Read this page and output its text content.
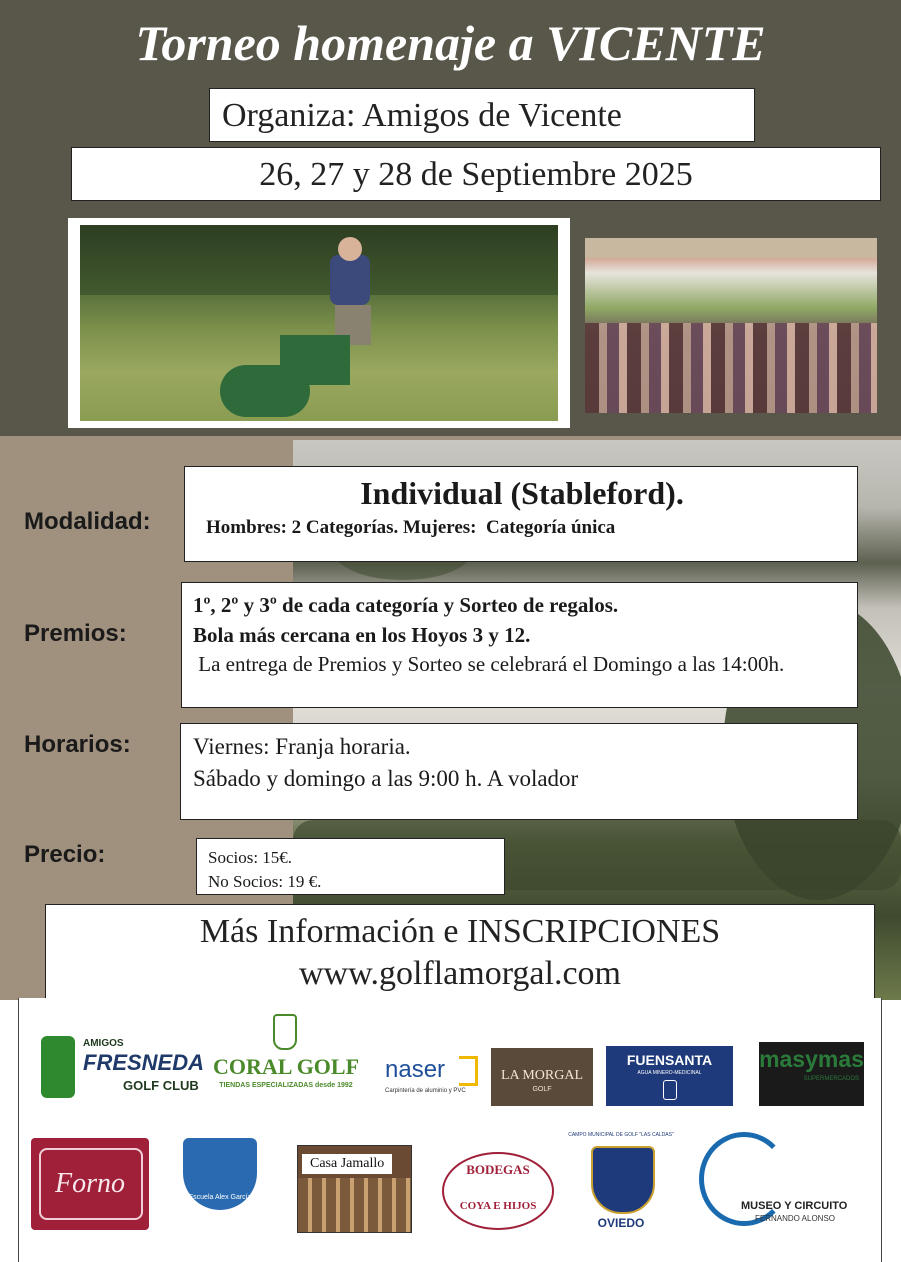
Torneo homenaje a VICENTE
Organiza: Amigos de Vicente
26, 27 y 28 de Septiembre 2025
Modalidad:
Individual (Stableford).
Hombres: 2 Categorías. Mujeres:  Categoría única
Premios:
1º, 2º y 3º de cada categoría y Sorteo de regalos.
Bola más cercana en los Hoyos 3 y 12.
La entrega de Premios y Sorteo se celebrará el Domingo a las 14:00h.
Horarios:	Viernes: Franja horaria.
Sábado y domingo a las 9:00 h. A volador
Precio:	Socios: 15€.
No Socios: 19 €.
Más Información e INSCRIPCIONES
www.golflamorgal.com
AMIGOS
FRESNEDA
GOLF CLUB
CORAL GOLF
TIENDAS ESPECIALIZADAS desde 1992
naser
Carpintería de aluminio y PVC
LA MORGAL
GOLF
FUENSANTA
AGUA MINERO-MEDICINAL
masymas
SUPERMERCADOS
Forno	Escuela Alex García
Casa Jamallo	BODEGAS
COYA E HIJOS
CAMPO MUNICIPAL DE GOLF "LAS CALDAS"
OVIEDO
MUSEO Y CIRCUITO
FERNANDO ALONSO
